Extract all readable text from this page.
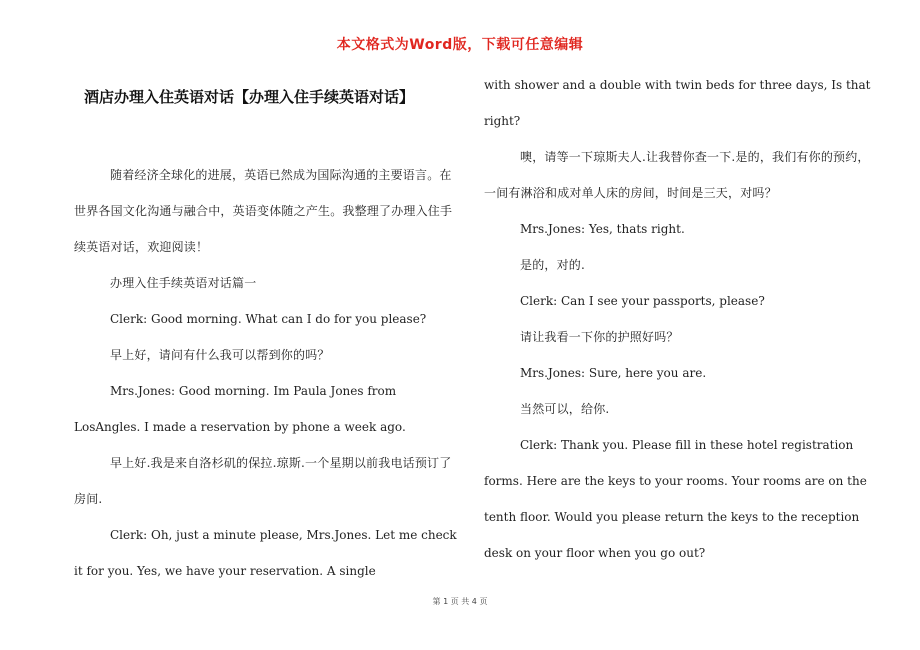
本文格式为Word版，下载可任意编辑
酒店办理入住英语对话【办理入住手续英语对话】

随着经济全球化的进展，英语已然成为国际沟通的主要语言。在世界各国文化沟通与融合中，英语变体随之产生。我整理了办理入住手续英语对话，欢迎阅读！

办理入住手续英语对话篇一

Clerk: Good morning. What can I do for you please?

早上好，请问有什么我可以帮到你的吗？

Mrs.Jones: Good morning. Im Paula Jones from LosAngles. I made a reservation by phone a week ago.

早上好.我是来自洛杉矶的保拉.琼斯.一个星期以前我电话预订了房间.

Clerk: Oh, just a minute please, Mrs.Jones. Let me check it for you. Yes, we have your reservation. A single

with shower and a double with twin beds for three days, Is that right?

噢，请等一下琼斯夫人.让我替你查一下.是的，我们有你的预约，一间有淋浴和成对单人床的房间，时间是三天，对吗？

Mrs.Jones: Yes, thats right.

是的，对的.

Clerk: Can I see your passports, please?

请让我看一下你的护照好吗？

Mrs.Jones: Sure, here you are.

当然可以，给你.

Clerk: Thank you. Please fill in these hotel registration forms. Here are the keys to your rooms. Your rooms are on the tenth floor. Would you please return the keys to the reception desk on your floor when you go out?

第 1 页 共 4 页
